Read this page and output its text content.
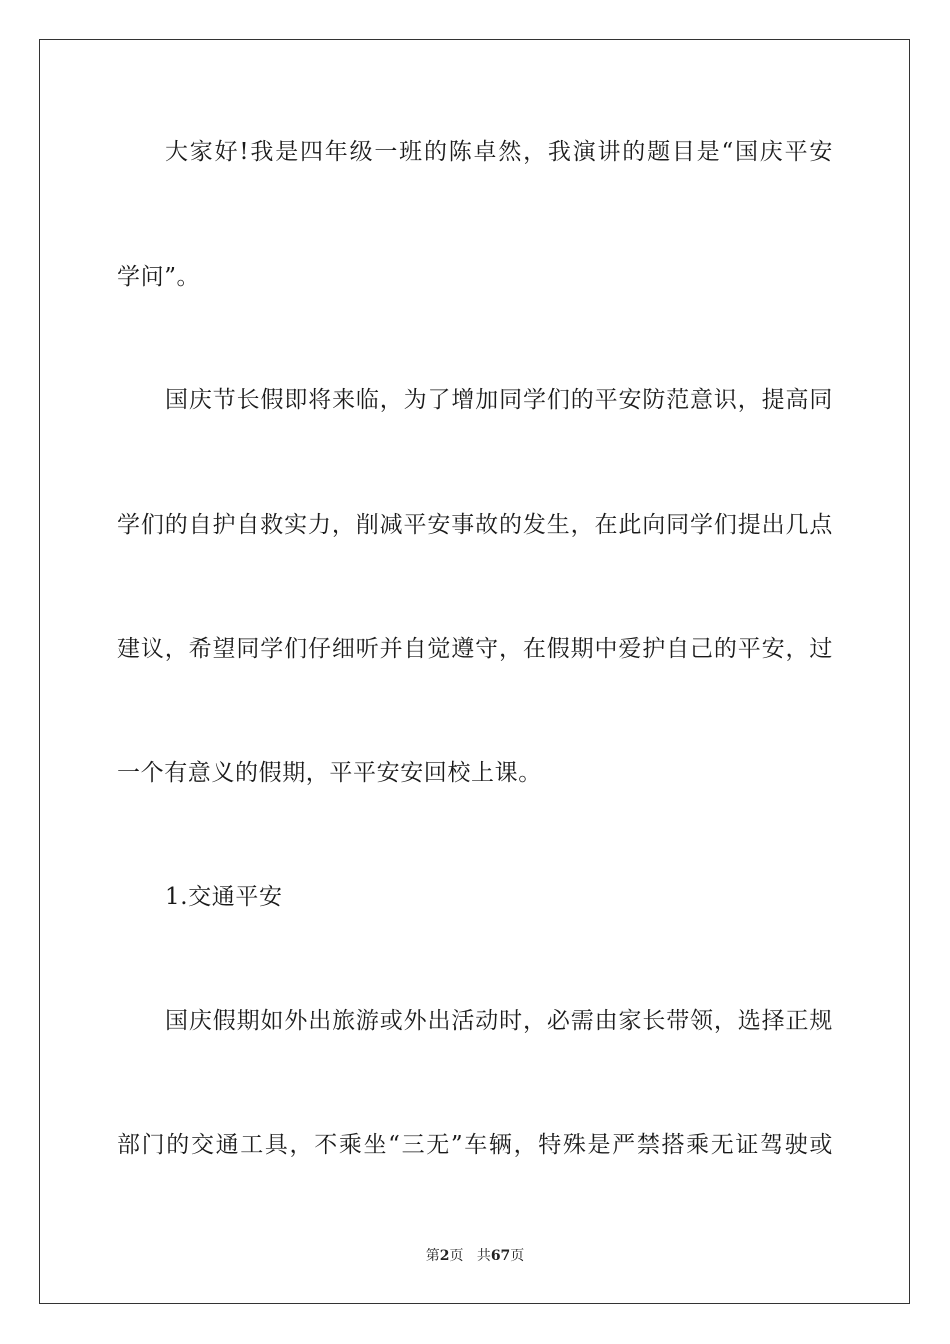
大家好!我是四年级一班的陈卓然，我演讲的题目是“国庆平安
学问”。
国庆节长假即将来临，为了增加同学们的平安防范意识，提高同
学们的自护自救实力，削减平安事故的发生，在此向同学们提出几点
建议，希望同学们仔细听并自觉遵守，在假期中爱护自己的平安，过
一个有意义的假期，平平安安回校上课。
1.交通平安
国庆假期如外出旅游或外出活动时，必需由家长带领，选择正规
部门的交通工具，不乘坐“三无”车辆，特殊是严禁搭乘无证驾驶或
第2页 共67页
